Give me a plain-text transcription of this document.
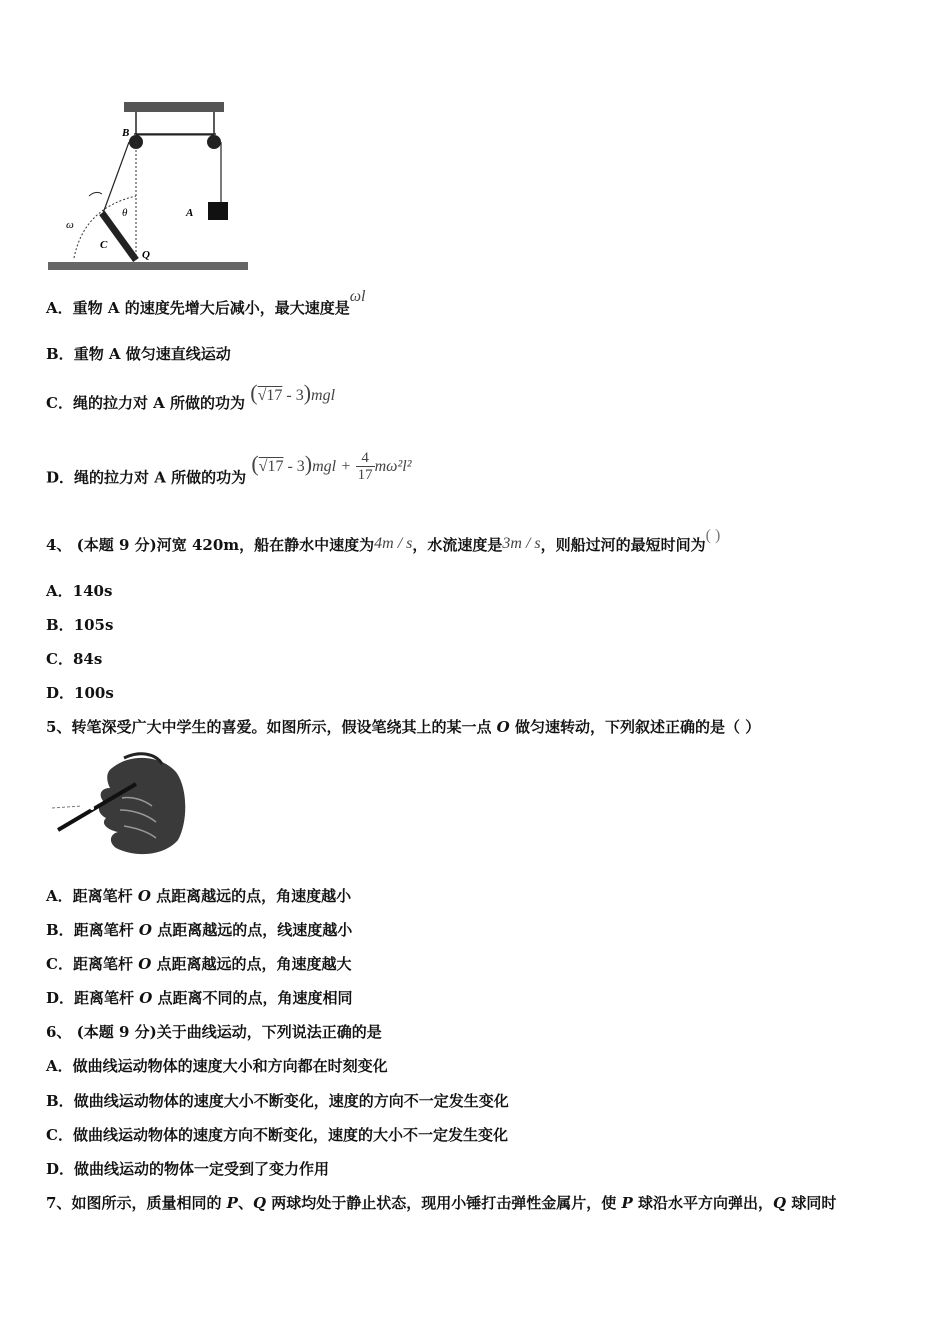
B
θ	A
ω
C
Q
A．重物 A 的速度先增大后减小，最大速度是ωl
B．重物 A 做匀速直线运动
C．绳的拉力对 A 所做的功为 (√17 - 3)mgl
D．绳的拉力对 A 所做的功为 $(√17 - 3)mgl + \frac{4}{17} m\omega^2l^2$
4、 (本题 9 分)河宽 420m，船在静水中速度为4m / s，水流速度是3m / s，则船过河的最短时间为( )
A．140s
B．105s
C．84s
D．100s
5、转笔深受广大中学生的喜爱。如图所示，假设笔绕其上的某一点 O 做匀速转动，下列叙述正确的是（ ）
A．距离笔杆 O 点距离越远的点，角速度越小
B．距离笔杆 O 点距离越远的点，线速度越小
C．距离笔杆 O 点距离越远的点，角速度越大
D．距离笔杆 O 点距离不同的点，角速度相同
6、 (本题 9 分)关于曲线运动，下列说法正确的是
A．做曲线运动物体的速度大小和方向都在时刻变化
B．做曲线运动物体的速度大小不断变化，速度的方向不一定发生变化
C．做曲线运动物体的速度方向不断变化，速度的大小不一定发生变化
D．做曲线运动的物体一定受到了变力作用
7、如图所示，质量相同的 P、Q 两球均处于静止状态，现用小锤打击弹性金属片，使 P 球沿水平方向弹出，Q 球同时
